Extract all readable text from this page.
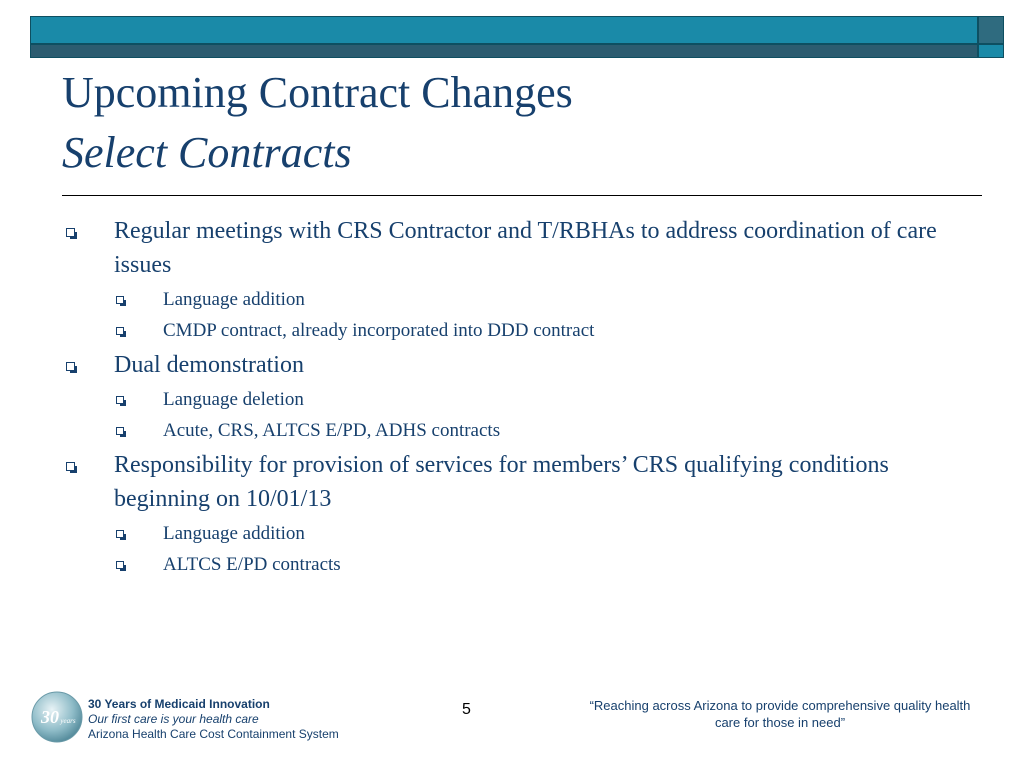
Upcoming Contract Changes
Select Contracts
Regular meetings with CRS Contractor and T/RBHAs to address coordination of care issues
Language addition
CMDP contract, already incorporated into DDD contract
Dual demonstration
Language deletion
Acute, CRS, ALTCS E/PD, ADHS contracts
Responsibility for provision of services for members’ CRS qualifying conditions beginning on 10/01/13
Language addition
ALTCS E/PD contracts
30 years
30 Years of Medicaid Innovation
Our first care is your health care
Arizona Health Care Cost Containment System
5	“Reaching across Arizona to provide comprehensive quality health care for those in need”
